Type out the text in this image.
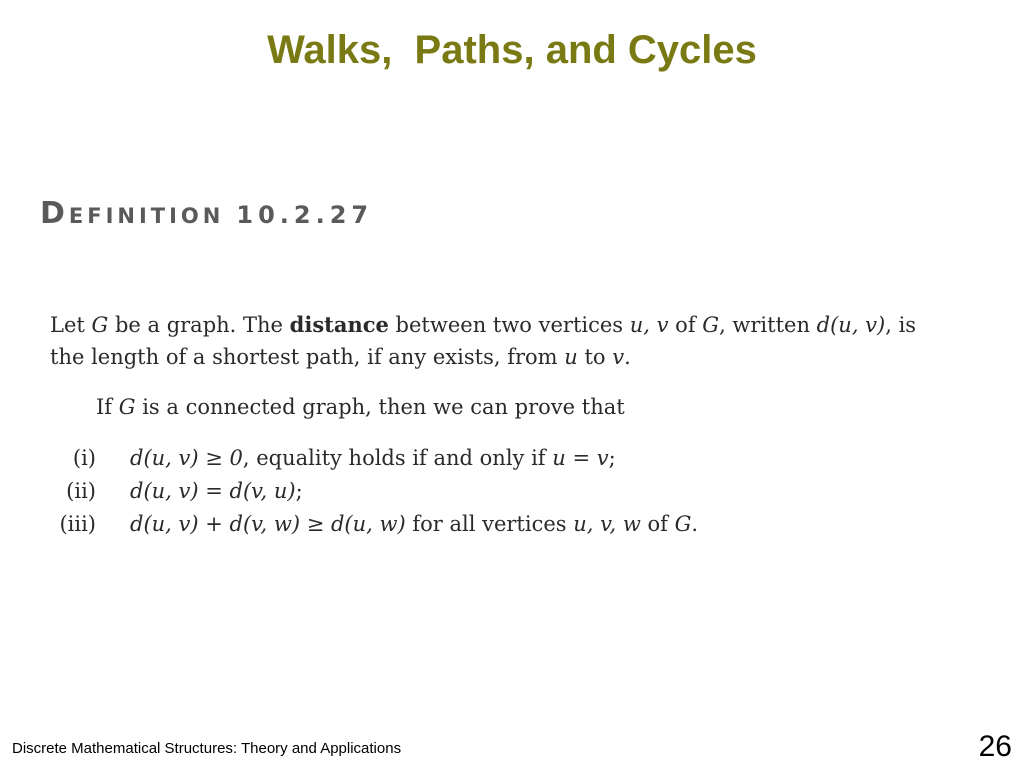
Walks,  Paths, and Cycles
DEFINITION 10.2.27
Let G be a graph. The distance between two vertices u, v of G, written d(u, v), is
the length of a shortest path, if any exists, from u to v.
If G is a connected graph, then we can prove that
(i) d(u, v) ≥ 0, equality holds if and only if u = v;
(ii) d(u, v) = d(v, u);
(iii) d(u, v) + d(v, w) ≥ d(u, w) for all vertices u, v, w of G.
Discrete Mathematical Structures: Theory and Applications	26
